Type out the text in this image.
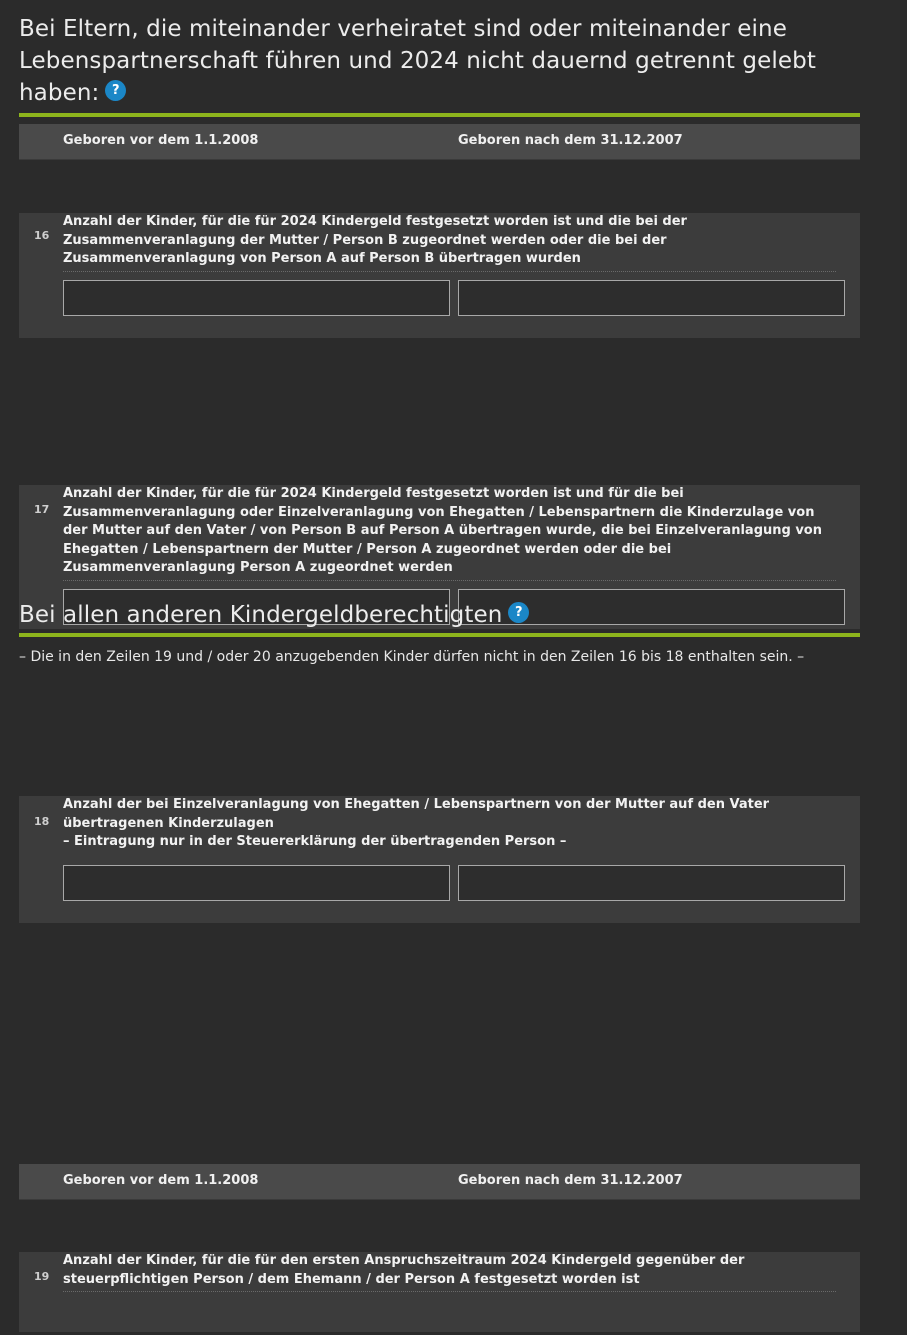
Bei Eltern, die miteinander verheiratet sind oder miteinander eine Lebenspartnerschaft führen und 2024 nicht dauernd getrennt gelebt haben: ?
Geboren vor dem 1.1.2008	Geboren nach dem 31.12.2007
16
Anzahl der Kinder, für die für 2024 Kindergeld festgesetzt worden ist und die bei der Zusammenveranlagung der Mutter / Person B zugeordnet werden oder die bei der Zusammenveranlagung von Person A auf Person B übertragen wurden
17
Anzahl der Kinder, für die für 2024 Kindergeld festgesetzt worden ist und für die bei Zusammenveranlagung oder Einzelveranlagung von Ehegatten / Lebenspartnern die Kinderzulage von der Mutter auf den Vater / von Person B auf Person A übertragen wurde, die bei Einzelveranlagung von Ehegatten / Lebenspartnern der Mutter / Person A zugeordnet werden oder die bei Zusammenveranlagung Person A zugeordnet werden
18
Anzahl der bei Einzelveranlagung von Ehegatten / Lebenspartnern von der Mutter auf den Vater übertragenen Kinderzulagen
– Eintragung nur in der Steuererklärung der übertragenden Person –
Bei allen anderen Kindergeldberechtigten ?
– Die in den Zeilen 19 und / oder 20 anzugebenden Kinder dürfen nicht in den Zeilen 16 bis 18 enthalten sein. –
Geboren vor dem 1.1.2008	Geboren nach dem 31.12.2007
19
Anzahl der Kinder, für die für den ersten Anspruchszeitraum 2024 Kindergeld gegenüber der steuerpflichtigen Person / dem Ehemann / der Person A festgesetzt worden ist
